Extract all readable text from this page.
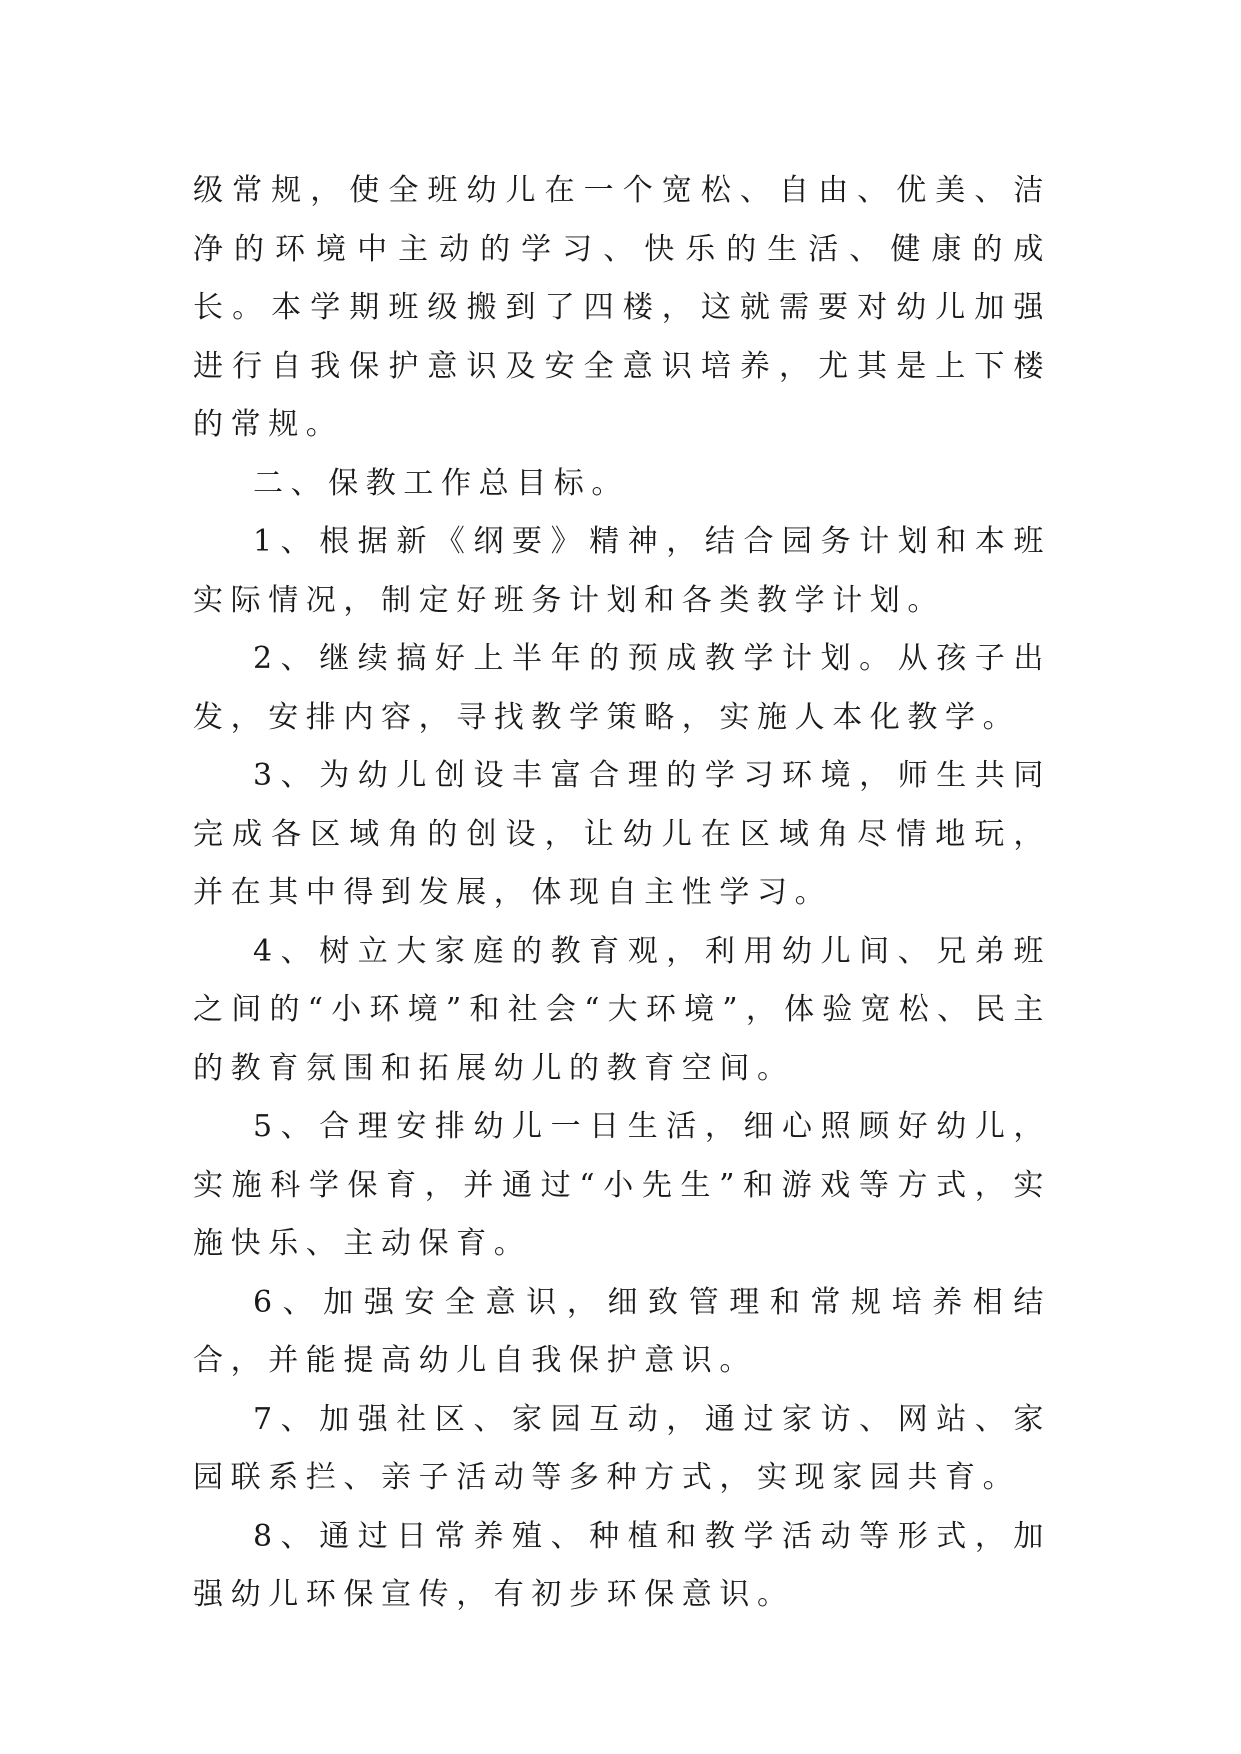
级常规，使全班幼儿在一个宽松、自由、优美、洁净的环境中主动的学习、快乐的生活、健康的成长。本学期班级搬到了四楼，这就需要对幼儿加强进行自我保护意识及安全意识培养，尤其是上下楼的常规。

二、保教工作总目标。

1、根据新《纲要》精神，结合园务计划和本班实际情况，制定好班务计划和各类教学计划。

2、继续搞好上半年的预成教学计划。从孩子出发，安排内容，寻找教学策略，实施人本化教学。

3、为幼儿创设丰富合理的学习环境，师生共同完成各区域角的创设，让幼儿在区域角尽情地玩，并在其中得到发展，体现自主性学习。

4、树立大家庭的教育观，利用幼儿间、兄弟班之间的“小环境”和社会“大环境”，体验宽松、民主的教育氛围和拓展幼儿的教育空间。

5、合理安排幼儿一日生活，细心照顾好幼儿，实施科学保育，并通过“小先生”和游戏等方式，实施快乐、主动保育。

6、加强安全意识，细致管理和常规培养相结合，并能提高幼儿自我保护意识。

7、加强社区、家园互动，通过家访、网站、家园联系拦、亲子活动等多种方式，实现家园共育。

8、通过日常养殖、种植和教学活动等形式，加强幼儿环保宣传，有初步环保意识。
